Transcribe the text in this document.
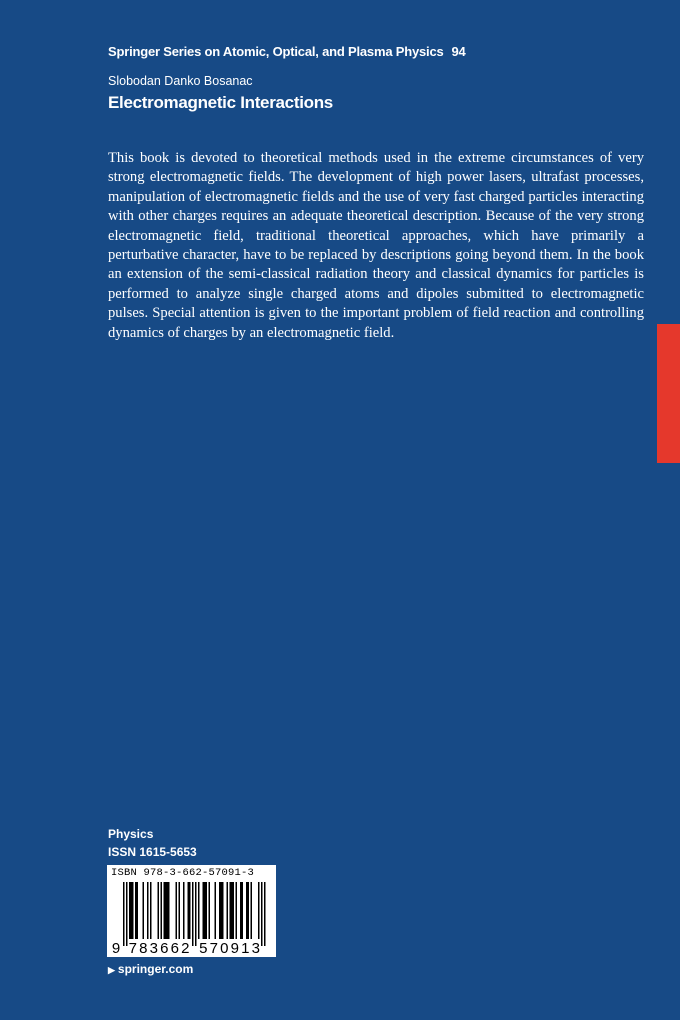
Springer Series on Atomic, Optical, and Plasma Physics 94
Slobodan Danko Bosanac
Electromagnetic Interactions

This book is devoted to theoretical methods used in the extreme circumstances of very strong electromagnetic fields. The development of high power lasers, ultrafast processes, manipulation of electromagnetic fields and the use of very fast charged particles interacting with other charges requires an adequate theoretical description. Because of the very strong electromagnetic field, traditional theoretical approaches, which have primarily a perturbative character, have to be replaced by descriptions going beyond them. In the book an extension of the semi-classical radiation theory and classical dynamics for particles is performed to analyze single charged atoms and dipoles submitted to electromagnetic pulses. Special attention is given to the important problem of field reaction and controlling dynamics of charges by an electromagnetic field.

Physics
ISSN 1615-5653
ISBN 978-3-662-57091-3
9 7 8 3 6 6 2 5 7 0 9 1 3
▶ springer.com
